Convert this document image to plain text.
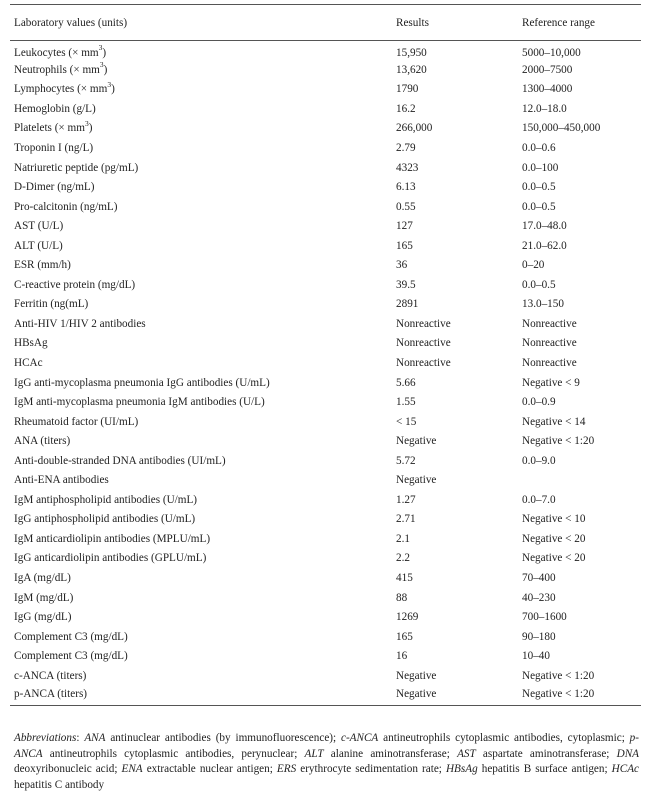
Laboratory values (units)	Results	Reference range
Leukocytes (× $mm^3$)	15,950	5000–10,000
Neutrophils (× $mm^3$)	13,620	2000–7500
Lymphocytes (× $mm^3$)	1790	1300–4000
Hemoglobin (g/L)	16.2	12.0–18.0
Platelets (× $mm^3$)	266,000	150,000–450,000
Troponin I (ng/L)	2.79	0.0–0.6
Natriuretic peptide (pg/mL)	4323	0.0–100
D-Dimer (ng/mL)	6.13	0.0–0.5
Pro-calcitonin (ng/mL)	0.55	0.0–0.5
AST (U/L)	127	17.0–48.0
ALT (U/L)	165	21.0–62.0
ESR (mm/h)	36	0–20
C-reactive protein (mg/dL)	39.5	0.0–0.5
Ferritin (ng(mL)	2891	13.0–150
Anti-HIV 1/HIV 2 antibodies	Nonreactive	Nonreactive
HBsAg	Nonreactive	Nonreactive
HCAc	Nonreactive	Nonreactive
IgG anti-mycoplasma pneumonia IgG antibodies (U/mL)	5.66	Negative < 9
IgM anti-mycoplasma pneumonia IgM antibodies (U/L)	1.55	0.0–0.9
Rheumatoid factor (UI/mL)	< 15	Negative < 14
ANA (titers)	Negative	Negative < 1:20
Anti-double-stranded DNA antibodies (UI/mL)	5.72	0.0–9.0
Anti-ENA antibodies	Negative	
IgM antiphospholipid antibodies (U/mL)	1.27	0.0–7.0
IgG antiphospholipid antibodies (U/mL)	2.71	Negative < 10
IgM anticardiolipin antibodies (MPLU/mL)	2.1	Negative < 20
IgG anticardiolipin antibodies (GPLU/mL)	2.2	Negative < 20
IgA (mg/dL)	415	70–400
IgM (mg/dL)	88	40–230
IgG (mg/dL)	1269	700–1600
Complement C3 (mg/dL)	165	90–180
Complement C3 (mg/dL)	16	10–40
c-ANCA (titers)	Negative	Negative < 1:20
p-ANCA (titers)	Negative	Negative < 1:20
Abbreviations: ANA antinuclear antibodies (by immunofluorescence); c-ANCA antineutrophils cytoplasmic antibodies, cytoplasmic; p-ANCA antineutrophils cytoplasmic antibodies, perynuclear; ALT alanine aminotransferase; AST aspartate aminotransferase; DNA deoxyribonucleic acid; ENA extractable nuclear antigen; ERS erythrocyte sedimentation rate; HBsAg hepatitis B surface antigen; HCAc hepatitis C antibody
